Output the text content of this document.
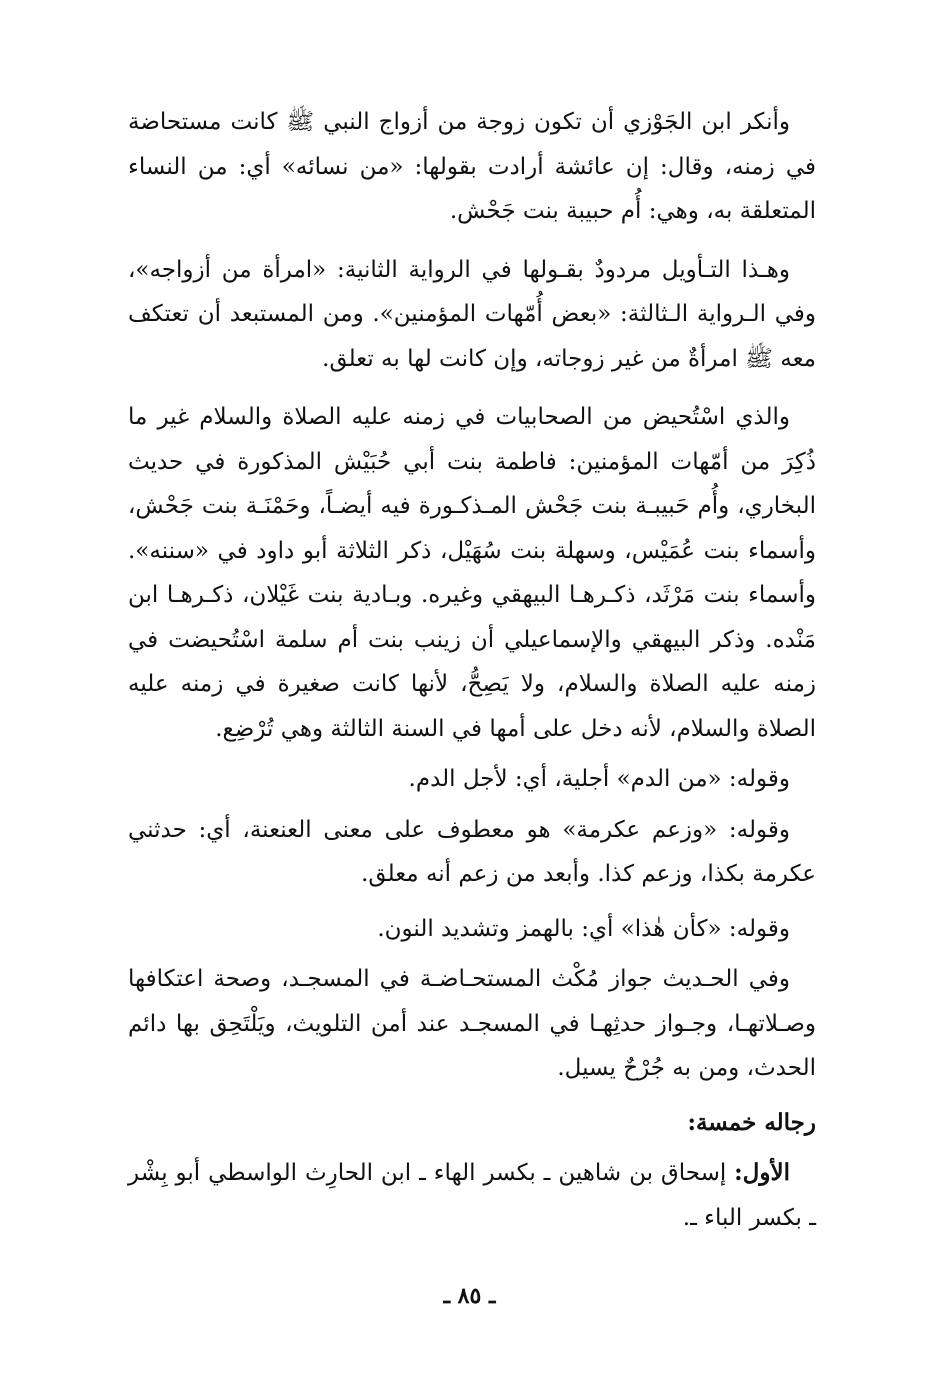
وأنكر ابن الجَوْزي أن تكون زوجة من أزواج النبي ﷺ كانت مستحاضة في زمنه، وقال: إن عائشة أرادت بقولها: «من نسائه» أي: من النساء المتعلقة به، وهي: أُم حبيبة بنت جَحْش.

وهـذا التـأويل مردودٌ بقـولها في الرواية الثانية: «امرأة من أزواجه»، وفي الـرواية الـثالثة: «بعض أُمّهات المؤمنين». ومن المستبعد أن تعتكف معه ﷺ امرأةٌ من غير زوجاته، وإن كانت لها به تعلق.

والذي اسْتُحيض من الصحابيات في زمنه عليه الصلاة والسلام غير ما ذُكِرَ من أمّهات المؤمنين: فاطمة بنت أبي حُبَيْش المذكورة في حديث البخاري، وأُم حَبيبـة بنت جَحْش المـذكـورة فيه أيضـاً، وحَمْنَـة بنت جَحْش، وأسماء بنت عُمَيْس، وسهلة بنت سُهَيْل، ذكر الثلاثة أبو داود في «سننه». وأسماء بنت مَرْثَد، ذكـرهـا البيهقي وغيره. وبـادية بنت غَيْلان، ذكـرهـا ابن مَنْده. وذكر البيهقي والإسماعيلي أن زينب بنت أم سلمة اسْتُحيضت في زمنه عليه الصلاة والسلام، ولا يَصِحُّ، لأنها كانت صغيرة في زمنه عليه الصلاة والسلام، لأنه دخل على أمها في السنة الثالثة وهي تُرْضِع.

وقوله: «من الدم» أجلية، أي: لأجل الدم.

وقوله: «وزعم عكرمة» هو معطوف على معنى العنعنة، أي: حدثني عكرمة بكذا، وزعم كذا. وأبعد من زعم أنه معلق.

وقوله: «كأن هٰذا» أي: بالهمز وتشديد النون.

وفي الحـديث جواز مُكْث المستحـاضـة في المسجـد، وصحة اعتكافها وصـلاتهـا، وجـواز حدثِهـا في المسجـد عند أمن التلويث، ويَلْتَحِق بها دائم الحدث، ومن به جُرْحٌ يسيل.

رجاله خمسة:

الأول: إسحاق بن شاهين ـ بكسر الهاء ـ ابن الحارِث الواسطي أبو بِشْر ـ بكسر الباء ـ.

ـ ٨٥ ـ
